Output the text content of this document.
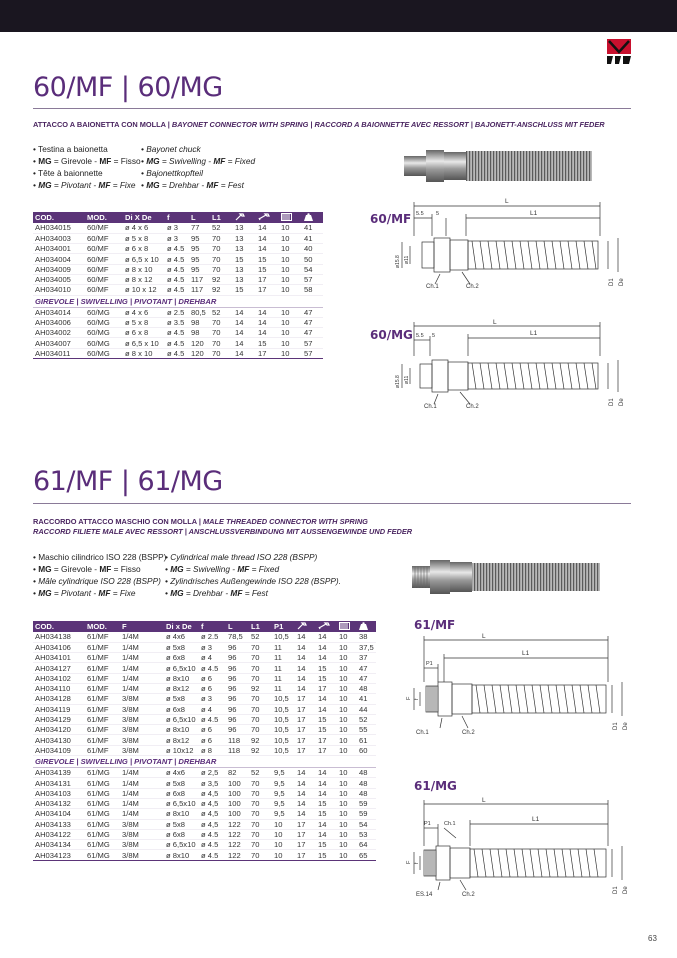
60/MF | 60/MG
ATTACCO A BAIONETTA CON MOLLA | BAYONET CONNECTOR WITH SPRING | RACCORD A BAIONNETTE AVEC RESSORT | BAJONETT-ANSCHLUSS MIT FEDER
• Testina a baionetta
• MG = Girevole - MF = Fisso
• Tête à baionnette
• MG = Pivotant - MF = Fixe
• Bayonet chuck
• MG = Swivelling - MF = Fixed
• Bajonettkopfteil
• MG = Drehbar - MF = Fest
COD.	MOD.	Di X De	f	L	L1				
AH034015	60/MF	ø 4 x 6	ø 3	77	52	13	14	10	41
AH034003	60/MF	ø 5 x 8	ø 3	95	70	13	14	10	41
AH034001	60/MF	ø 6 x 8	ø 4.5	95	70	13	14	10	40
AH034004	60/MF	ø 6,5 x 10	ø 4.5	95	70	15	15	10	50
AH034009	60/MF	ø 8 x 10	ø 4.5	95	70	13	15	10	54
AH034005	60/MF	ø 8 x 12	ø 4.5	117	92	13	17	10	57
AH034010	60/MF	ø 10 x 12	ø 4.5	117	92	15	17	10	58
GIREVOLE | SWIVELLING | PIVOTANT | DREHBAR									
AH034014	60/MG	ø 4 x 6	ø 2.5	80,5	52	14	14	10	47
AH034006	60/MG	ø 5 x 8	ø 3.5	98	70	14	14	10	47
AH034002	60/MG	ø 6 x 8	ø 4.5	98	70	14	14	10	47
AH034007	60/MG	ø 6,5 x 10	ø 4.5	120	70	14	15	10	57
AH034011	60/MG	ø 8 x 10	ø 4.5	120	70	14	17	10	57
60/MF
L
L1
5.5 5
Ch.1	Ch.2
ø15.8 ø11
D1 De
60/MG
L
L1
5.5 5
Ch.1	Ch.2
ø15.8 ø11
D1 De
61/MF | 61/MG
RACCORDO ATTACCO MASCHIO CON MOLLA | MALE THREADED CONNECTOR WITH SPRING
RACCORD FILIETE MALE AVEC RESSORT | ANSCHLUSSVERBINDUNG MIT AUSSENGEWINDE UND FEDER
• Maschio cilindrico ISO 228 (BSPP)
• MG = Girevole - MF = Fisso
• Mâle cylindrique ISO 228 (BSPP)
• MG = Pivotant - MF = Fixe
• Cylindrical male thread ISO 228 (BSPP)
• MG = Swivelling - MF = Fixed
• Zylindrisches Außengewinde ISO 228 (BSPP).
• MG = Drehbar - MF = Fest
COD.	MOD.	F	Di x De	f	L	L1	P1				
AH034138	61/MF	1/4M	ø 4x6	ø 2.5	78,5	52	10,5	14	14	10	38
AH034106	61/MF	1/4M	ø 5x8	ø 3	96	70	11	14	14	10	37,5
AH034101	61/MF	1/4M	ø 6x8	ø 4	96	70	11	14	14	10	37
AH034127	61/MF	1/4M	ø 6,5x10	ø 4.5	96	70	11	14	15	10	47
AH034102	61/MF	1/4M	ø 8x10	ø 6	96	70	11	14	15	10	47
AH034110	61/MF	1/4M	ø 8x12	ø 6	96	92	11	14	17	10	48
AH034128	61/MF	3/8M	ø 5x8	ø 3	96	70	10,5	17	14	10	41
AH034119	61/MF	3/8M	ø 6x8	ø 4	96	70	10,5	17	14	10	44
AH034129	61/MF	3/8M	ø 6,5x10	ø 4.5	96	70	10,5	17	15	10	52
AH034120	61/MF	3/8M	ø 8x10	ø 6	96	70	10,5	17	15	10	55
AH034130	61/MF	3/8M	ø 8x12	ø 6	118	92	10,5	17	17	10	61
AH034109	61/MF	3/8M	ø 10x12	ø 8	118	92	10,5	17	17	10	60
GIREVOLE | SWIVELLING | PIVOTANT | DREHBAR											
AH034139	61/MG	1/4M	ø 4x6	ø 2,5	82	52	9,5	14	14	10	48
AH034131	61/MG	1/4M	ø 5x8	ø 3,5	100	70	9,5	14	14	10	48
AH034103	61/MG	1/4M	ø 6x8	ø 4,5	100	70	9,5	14	14	10	48
AH034132	61/MG	1/4M	ø 6,5x10	ø 4,5	100	70	9,5	14	15	10	59
AH034104	61/MG	1/4M	ø 8x10	ø 4,5	100	70	9,5	14	15	10	59
AH034133	61/MG	3/8M	ø 5x8	ø 4,5	122	70	10	17	14	10	54
AH034122	61/MG	3/8M	ø 6x8	ø 4.5	122	70	10	17	14	10	53
AH034134	61/MG	3/8M	ø 6,5x10	ø 4.5	122	70	10	17	15	10	64
AH034123	61/MG	3/8M	ø 8x10	ø 4.5	122	70	10	17	15	10	65
61/MF
L
L1
P1
Ch.1	Ch.2
F f
D1 De
61/MG
L
L1
P1 Ch.1
ES.14	Ch.2
F f
D1 De
63
